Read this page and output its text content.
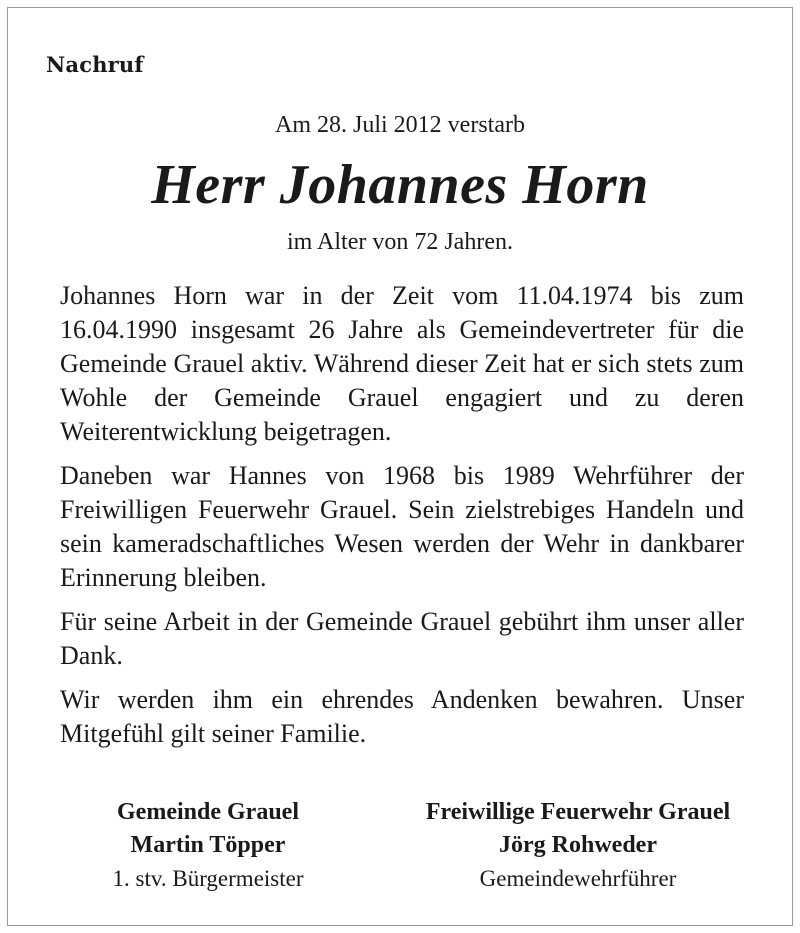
Nachruf
Am 28. Juli 2012 verstarb
Herr Johannes Horn
im Alter von 72 Jahren.

Johannes Horn war in der Zeit vom 11.04.1974 bis zum 16.04.1990 insgesamt 26 Jahre als Gemeindevertreter für die Gemeinde Grauel aktiv. Während dieser Zeit hat er sich stets zum Wohle der Gemeinde Grauel engagiert und zu deren Weiterentwicklung beigetragen.

Daneben war Hannes von 1968 bis 1989 Wehrführer der Freiwilligen Feuerwehr Grauel. Sein zielstrebiges Handeln und sein kameradschaftliches Wesen werden der Wehr in dankbarer Erinnerung bleiben.

Für seine Arbeit in der Gemeinde Grauel gebührt ihm unser aller Dank.

Wir werden ihm ein ehrendes Andenken bewahren. Unser Mitgefühl gilt seiner Familie.

Gemeinde Grauel
Martin Töpper
1. stv. Bürgermeister
Freiwillige Feuerwehr Grauel
Jörg Rohweder
Gemeindewehrführer
